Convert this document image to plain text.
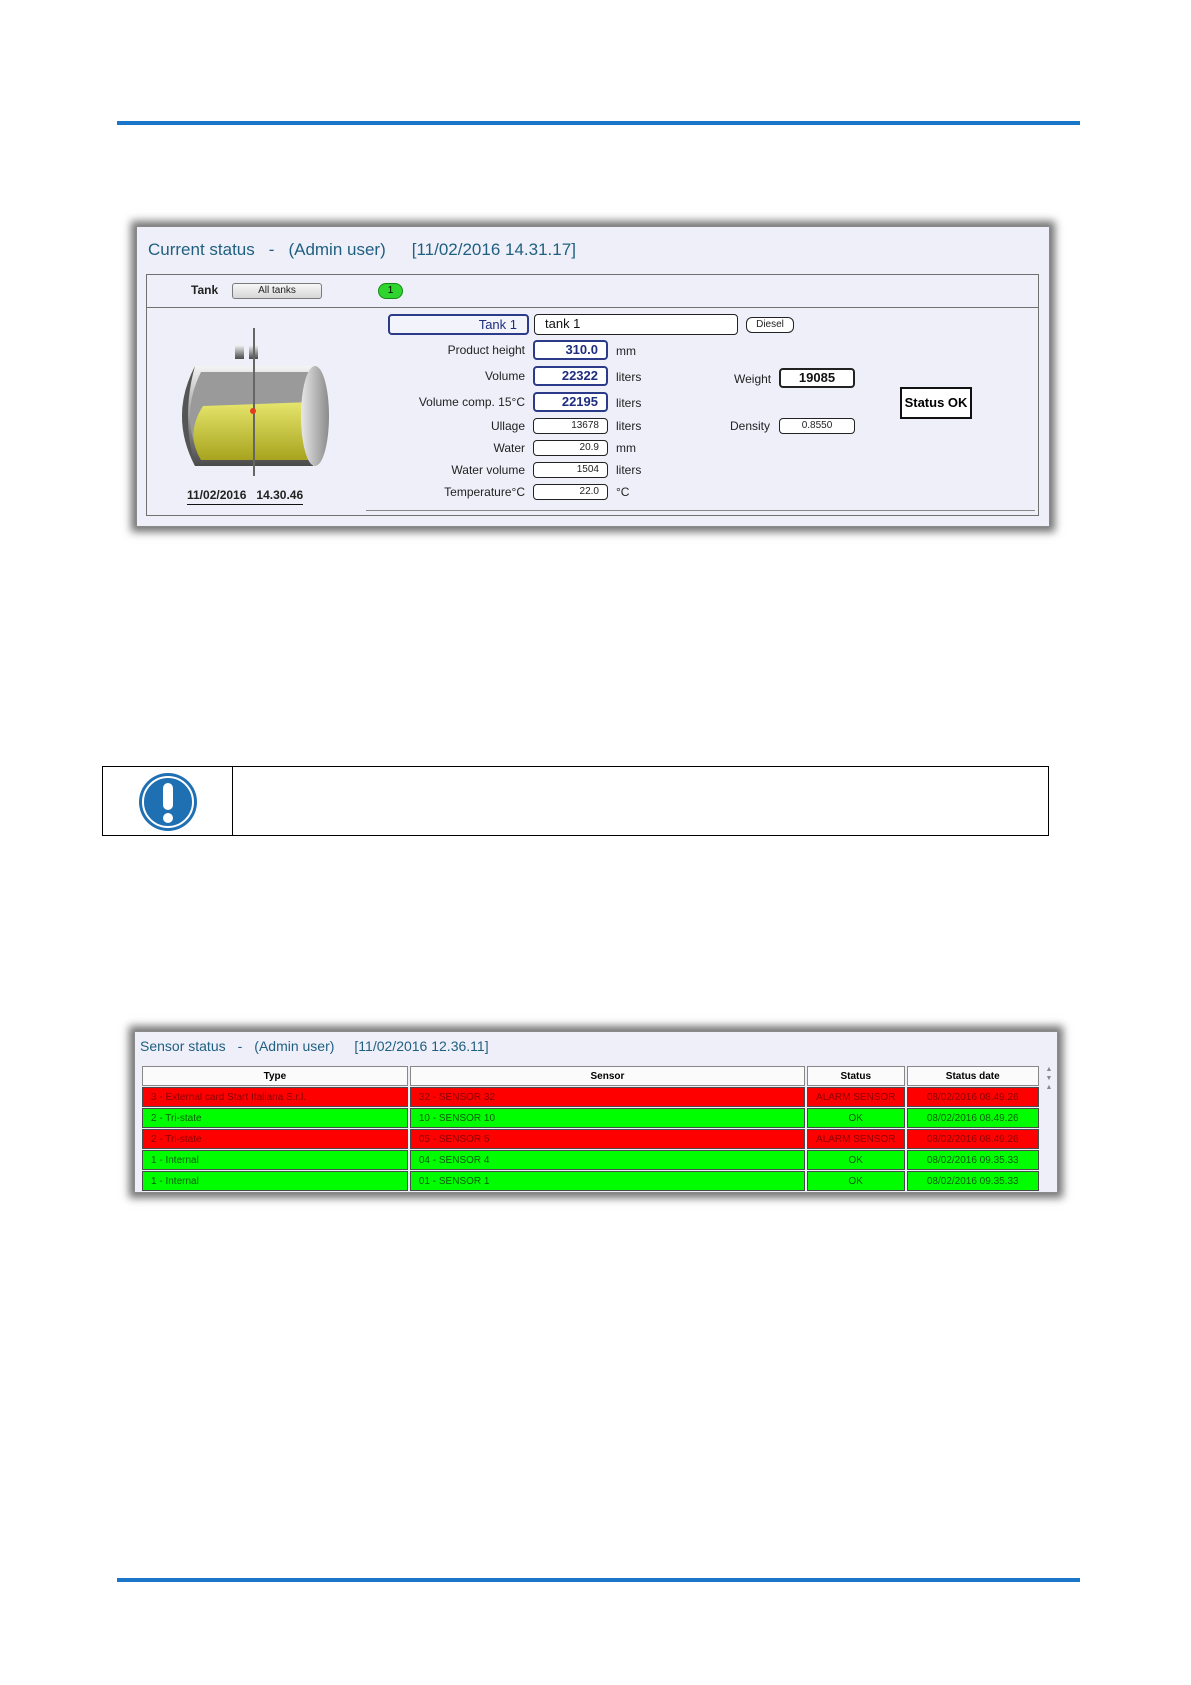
Current status - (Admin user) [11/02/2016 14.31.17]
Tank	All tanks	1
11/02/2016 14.30.46
Tank 1	tank 1	Diesel
Product height	310.0	mm
Volume	22322	liters
Volume comp. 15°C	22195	liters
Ullage	13678	liters
Water	20.9	mm
Water volume	1504	liters
Temperature°C	22.0	°C
Weight	19085
Density	0.8550
Status OK
Sensor status - (Admin user) [11/02/2016 12.36.11]
Type	Sensor	Status	Status date
3 - External card Start Italiana S.r.l.	32 - SENSOR 32	ALARM SENSOR	08/02/2016 08.49.26
2 - Tri-state	10 - SENSOR 10	OK	08/02/2016 08.49.26
2 - Tri-state	05 - SENSOR 5	ALARM SENSOR	08/02/2016 08.49.26
1 - Internal	04 - SENSOR 4	OK	08/02/2016 09.35.33
1 - Internal	01 - SENSOR 1	OK	08/02/2016 09.35.33
▲
▼
▲
